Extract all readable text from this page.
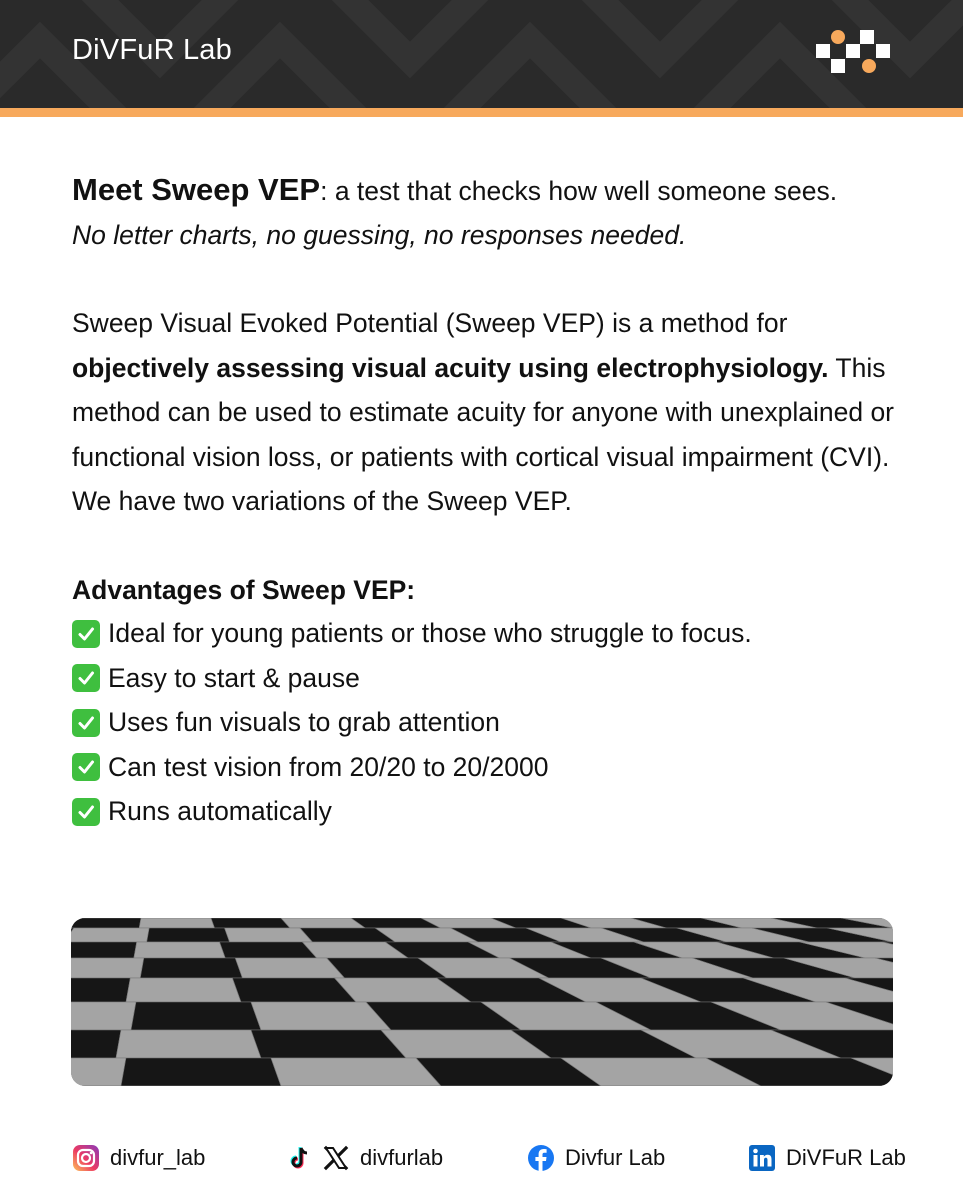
DiVFuR Lab
Meet Sweep VEP: a test that checks how well someone sees.
No letter charts, no guessing, no responses needed.

Sweep Visual Evoked Potential (Sweep VEP) is a method for objectively assessing visual acuity using electrophysiology. This method can be used to estimate acuity for anyone with unexplained or functional vision loss, or patients with cortical visual impairment (CVI). We have two variations of the Sweep VEP.

Advantages of Sweep VEP:
Ideal for young patients or those who struggle to focus.
Easy to start & pause
Uses fun visuals to grab attention
Can test vision from 20/20 to 20/2000
Runs automatically
divfur_lab	divfurlab	Divfur Lab	DiVFuR Lab
